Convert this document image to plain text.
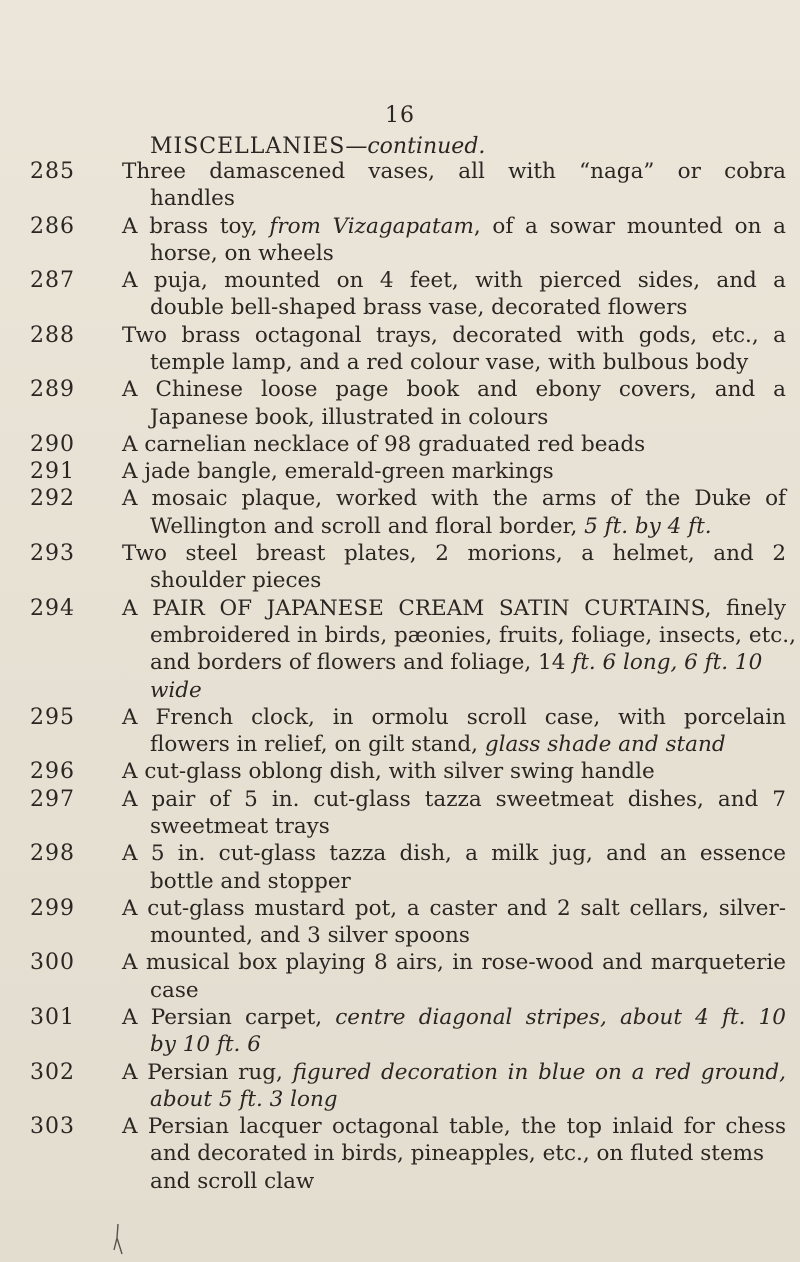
16
MISCELLANIES—continued.
285	Three damascened vases, all with “naga” or cobra
handles
286	A brass toy, from Vizagapatam, of a sowar mounted on a
horse, on wheels
287	A puja, mounted on 4 feet, with pierced sides, and a
double bell-shaped brass vase, decorated flowers
288	Two brass octagonal trays, decorated with gods, etc., a
temple lamp, and a red colour vase, with bulbous body
289	A Chinese loose page book and ebony covers, and a
Japanese book, illustrated in colours
290	A carnelian necklace of 98 graduated red beads
291	A jade bangle, emerald-green markings
292	A mosaic plaque, worked with the arms of the Duke of
Wellington and scroll and floral border, 5 ft. by 4 ft.
293	Two steel breast plates, 2 morions, a helmet, and 2
shoulder pieces
294	A PAIR OF JAPANESE CREAM SATIN CURTAINS, finely
embroidered in birds, pæonies, fruits, foliage, insects, etc.,
and borders of flowers and foliage, 14 ft. 6 long, 6 ft. 10
wide
295	A French clock, in ormolu scroll case, with porcelain
flowers in relief, on gilt stand, glass shade and stand
296	A cut-glass oblong dish, with silver swing handle
297	A pair of 5 in. cut-glass tazza sweetmeat dishes, and 7
sweetmeat trays
298	A 5 in. cut-glass tazza dish, a milk jug, and an essence
bottle and stopper
299	A cut-glass mustard pot, a caster and 2 salt cellars, silver-
mounted, and 3 silver spoons
300	A musical box playing 8 airs, in rose-wood and marqueterie
case
301	A Persian carpet, centre diagonal stripes, about 4 ft. 10
by 10 ft. 6
302	A Persian rug, figured decoration in blue on a red ground,
about 5 ft. 3 long
303	A Persian lacquer octagonal table, the top inlaid for chess
and decorated in birds, pineapples, etc., on fluted stems
and scroll claw
